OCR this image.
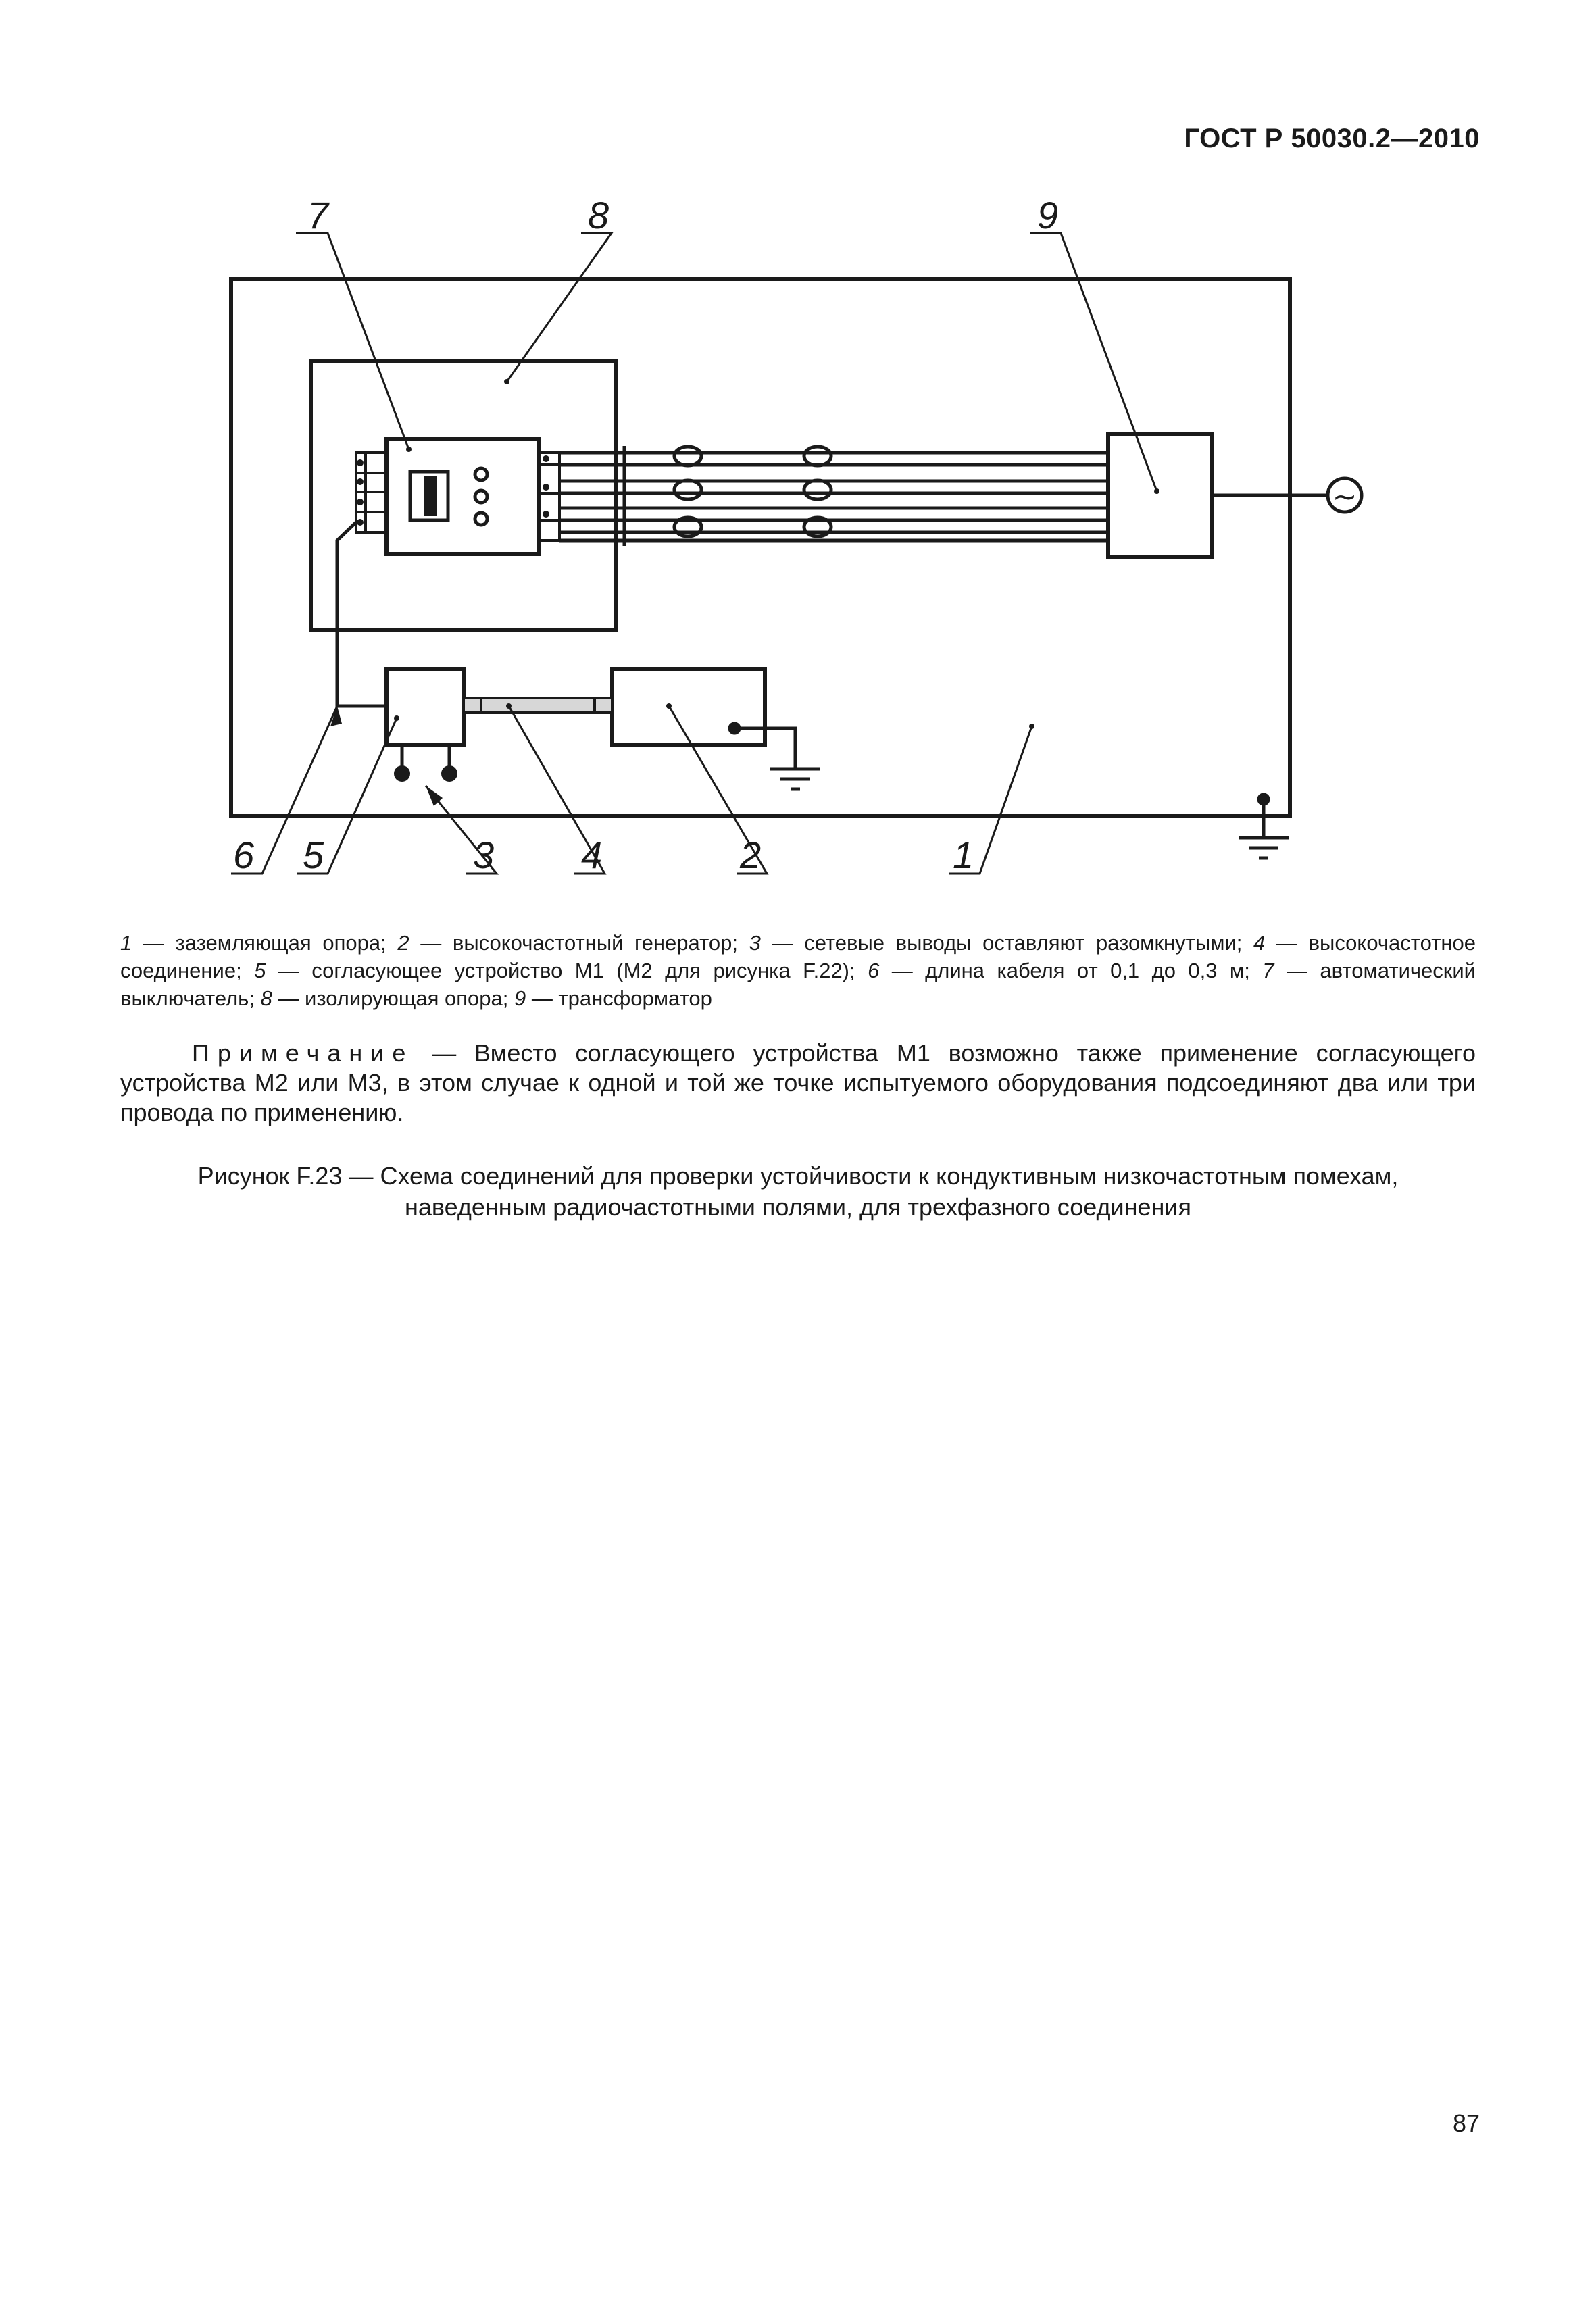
ГОСТ Р 50030.2—2010
~
7	8	9
6 5	3 4	2	1
1 — заземляющая опора; 2 — высокочастотный генератор; 3 — сетевые выводы оставляют разомкнутыми; 4 — высокочастотное соединение; 5 — согласующее устройство М1 (М2 для рисунка F.22); 6 — длина кабеля от 0,1 до 0,3 м; 7 — автоматический выключатель; 8 — изолирующая опора; 9 — трансформатор
Примечание — Вместо согласующего устройства М1 возможно также применение согласующего устройства М2 или М3, в этом случае к одной и той же точке испытуемого оборудования подсоединяют два или три провода по применению.
Рисунок F.23 — Схема соединений для проверки устойчивости к кондуктивным низкочастотным помехам,
наведенным радиочастотными полями, для трехфазного соединения
87
